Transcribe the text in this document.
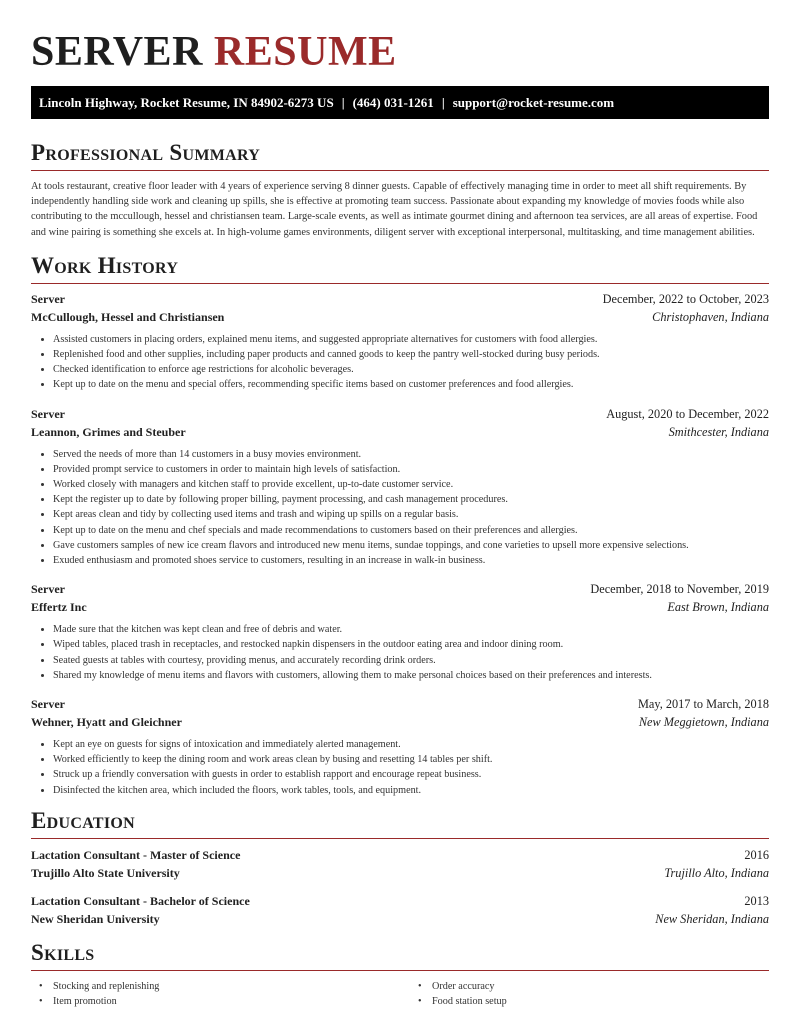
SERVER RESUME
Lincoln Highway, Rocket Resume, IN 84902-6273 US | (464) 031-1261 | support@rocket-resume.com
Professional Summary

At tools restaurant, creative floor leader with 4 years of experience serving 8 dinner guests. Capable of effectively managing time in order to meet all shift requirements. By independently handling side work and cleaning up spills, she is effective at promoting team success. Passionate about expanding my knowledge of movies foods while also contributing to the mccullough, hessel and christiansen team. Large-scale events, as well as intimate gourmet dining and afternoon tea services, are all areas of expertise. Food and wine pairing is something she excels at. In high-volume games environments, diligent server with exceptional interpersonal, multitasking, and time management abilities.

Work History
Server	December, 2022 to October, 2023
McCullough, Hessel and Christiansen	Christophaven, Indiana
• Assisted customers in placing orders, explained menu items, and suggested appropriate alternatives for customers with food allergies.
• Replenished food and other supplies, including paper products and canned goods to keep the pantry well-stocked during busy periods.
• Checked identification to enforce age restrictions for alcoholic beverages.
• Kept up to date on the menu and special offers, recommending specific items based on customer preferences and food allergies.
Server	August, 2020 to December, 2022
Leannon, Grimes and Steuber	Smithcester, Indiana
• Served the needs of more than 14 customers in a busy movies environment.
• Provided prompt service to customers in order to maintain high levels of satisfaction.
• Worked closely with managers and kitchen staff to provide excellent, up-to-date customer service.
• Kept the register up to date by following proper billing, payment processing, and cash management procedures.
• Kept areas clean and tidy by collecting used items and trash and wiping up spills on a regular basis.
• Kept up to date on the menu and chef specials and made recommendations to customers based on their preferences and allergies.
• Gave customers samples of new ice cream flavors and introduced new menu items, sundae toppings, and cone varieties to upsell more expensive selections.
• Exuded enthusiasm and promoted shoes service to customers, resulting in an increase in walk-in business.
Server	December, 2018 to November, 2019
Effertz Inc	East Brown, Indiana
• Made sure that the kitchen was kept clean and free of debris and water.
• Wiped tables, placed trash in receptacles, and restocked napkin dispensers in the outdoor eating area and indoor dining room.
• Seated guests at tables with courtesy, providing menus, and accurately recording drink orders.
• Shared my knowledge of menu items and flavors with customers, allowing them to make personal choices based on their preferences and interests.
Server	May, 2017 to March, 2018
Wehner, Hyatt and Gleichner	New Meggietown, Indiana
• Kept an eye on guests for signs of intoxication and immediately alerted management.
• Worked efficiently to keep the dining room and work areas clean by busing and resetting 14 tables per shift.
• Struck up a friendly conversation with guests in order to establish rapport and encourage repeat business.
• Disinfected the kitchen area, which included the floors, work tables, tools, and equipment.
Education
Lactation Consultant - Master of Science	2016
Trujillo Alto State University	Trujillo Alto, Indiana
Lactation Consultant - Bachelor of Science	2013
New Sheridan University	New Sheridan, Indiana
Skills
• Stocking and replenishing	• Order accuracy
• Item promotion	• Food station setup
